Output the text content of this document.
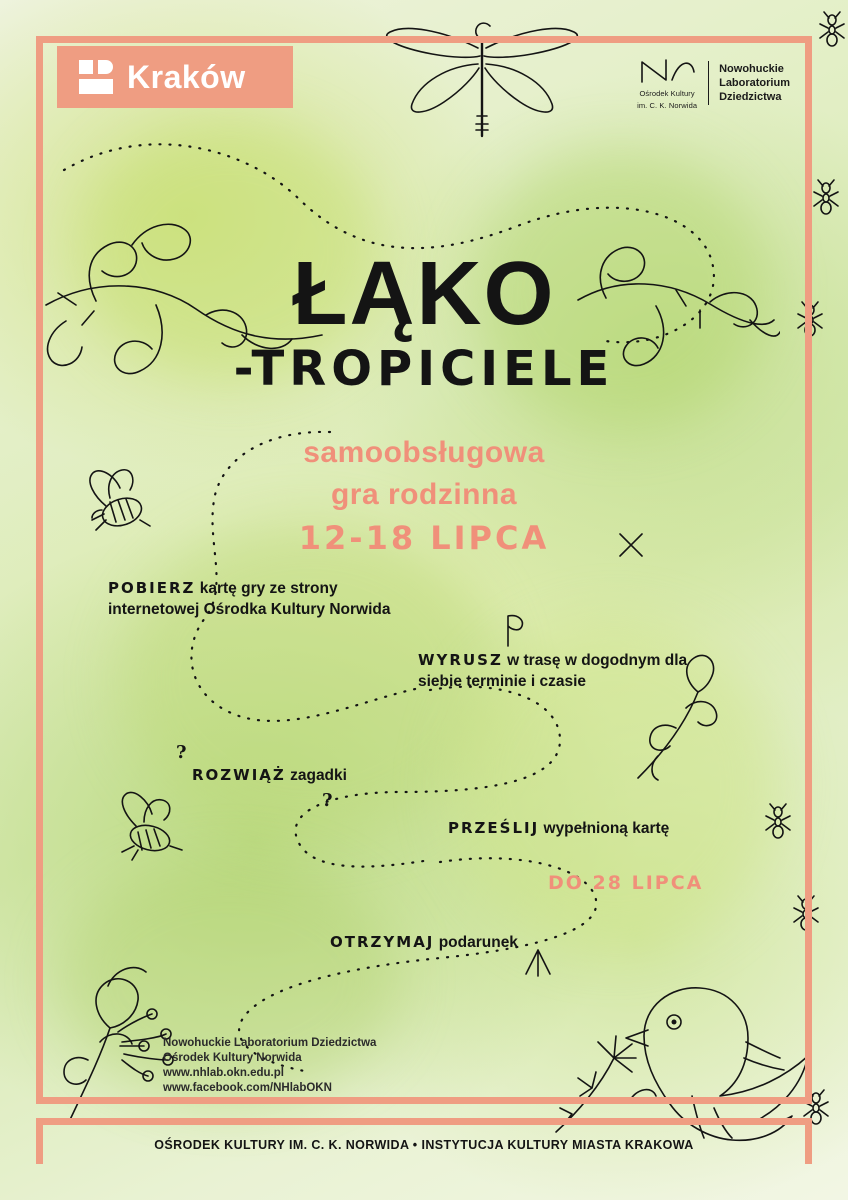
Kraków	Ośrodek Kultury
im. C. K. Norwida
Nowohuckie
Laboratorium
Dziedzictwa
ŁĄKO
-TROPICIELE
samoobsługowa
gra rodzinna
12-18 LIPCA
POBIERZ kartę gry ze strony internetowej Ośrodka Kultury Norwida
WYRUSZ w trasę w dogodnym dla siebie terminie i czasie
ROZWIĄŻ zagadki
PRZEŚLIJ wypełnioną kartę
OTRZYMAJ podarunek
DO 28 LIPCA
?
?
Nowohuckie Laboratorium Dziedzictwa
Ośrodek Kultury Norwida
www.nhlab.okn.edu.pl
www.facebook.com/NHlabOKN
OŚRODEK KULTURY IM. C. K. NORWIDA • INSTYTUCJA KULTURY MIASTA KRAKOWA
